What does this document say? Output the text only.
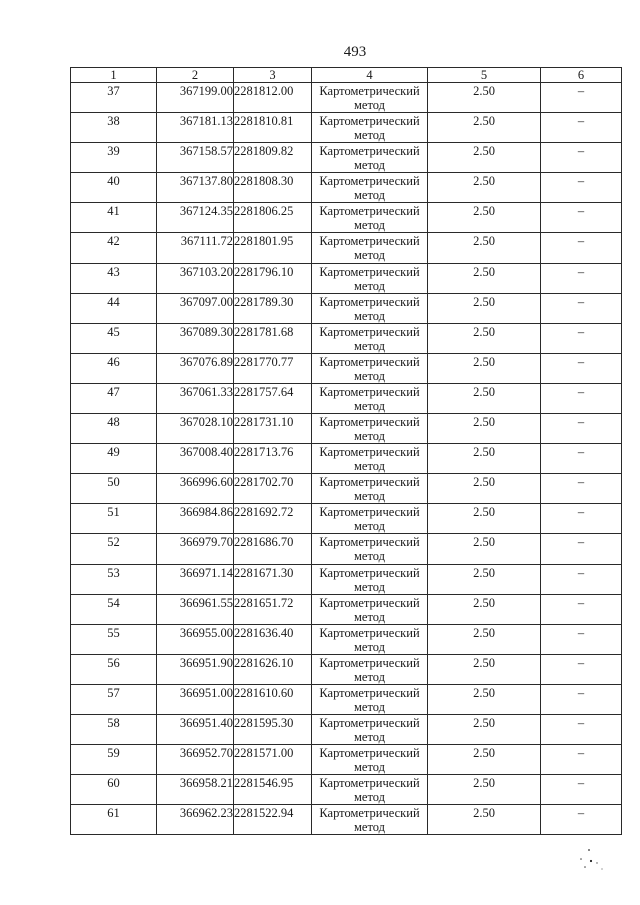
493
1	2	3	4	5	6
37	367199.00	2281812.00	Картометрический метод	2.50	–
38	367181.13	2281810.81	Картометрический метод	2.50	–
39	367158.57	2281809.82	Картометрический метод	2.50	–
40	367137.80	2281808.30	Картометрический метод	2.50	–
41	367124.35	2281806.25	Картометрический метод	2.50	–
42	367111.72	2281801.95	Картометрический метод	2.50	–
43	367103.20	2281796.10	Картометрический метод	2.50	–
44	367097.00	2281789.30	Картометрический метод	2.50	–
45	367089.30	2281781.68	Картометрический метод	2.50	–
46	367076.89	2281770.77	Картометрический метод	2.50	–
47	367061.33	2281757.64	Картометрический метод	2.50	–
48	367028.10	2281731.10	Картометрический метод	2.50	–
49	367008.40	2281713.76	Картометрический метод	2.50	–
50	366996.60	2281702.70	Картометрический метод	2.50	–
51	366984.86	2281692.72	Картометрический метод	2.50	–
52	366979.70	2281686.70	Картометрический метод	2.50	–
53	366971.14	2281671.30	Картометрический метод	2.50	–
54	366961.55	2281651.72	Картометрический метод	2.50	–
55	366955.00	2281636.40	Картометрический метод	2.50	–
56	366951.90	2281626.10	Картометрический метод	2.50	–
57	366951.00	2281610.60	Картометрический метод	2.50	–
58	366951.40	2281595.30	Картометрический метод	2.50	–
59	366952.70	2281571.00	Картометрический метод	2.50	–
60	366958.21	2281546.95	Картометрический метод	2.50	–
61	366962.23	2281522.94	Картометрический метод	2.50	–
